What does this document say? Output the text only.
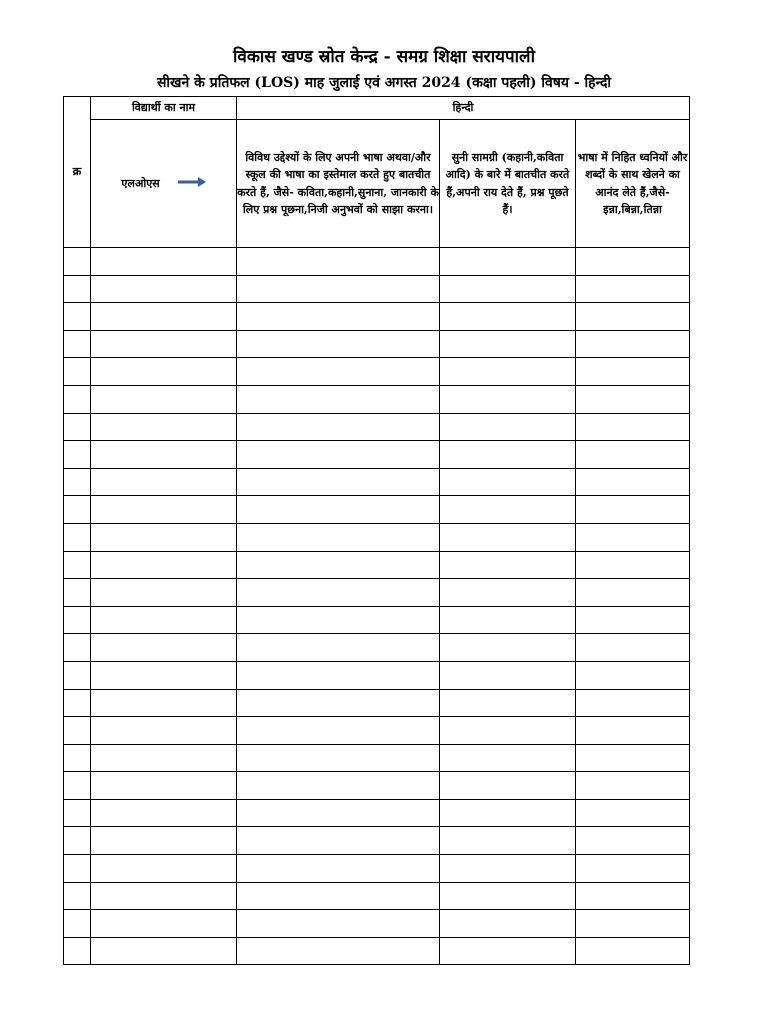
विकास खण्ड स्रोत केन्द्र - समग्र शिक्षा सरायपाली
सीखने के प्रतिफल (LOS) माह जुलाई एवं अगस्त 2024 (कक्षा पहली) विषय - हिन्दी
क्र	विद्यार्थी का नाम	हिन्दी		
	एलओएस	विविध उद्देश्यों के लिए अपनी भाषा अथवा/और स्कूल की भाषा का इस्तेमाल करते हुए बातचीत करते हैं, जैसे- कविता,कहानी,सुनाना, जानकारी के लिए प्रश्न पूछना,निजी अनुभवों को साझा करना।	सुनी सामग्री (कहानी,कविता आदि) के बारे में बातचीत करते हैं,अपनी राय देते हैं, प्रश्न पूछते हैं।	भाषा में निहित ध्वनियों और शब्दों के साथ खेलने का आनंद लेते हैं,जैसे- इन्ना,बिन्ना,तिन्ना
